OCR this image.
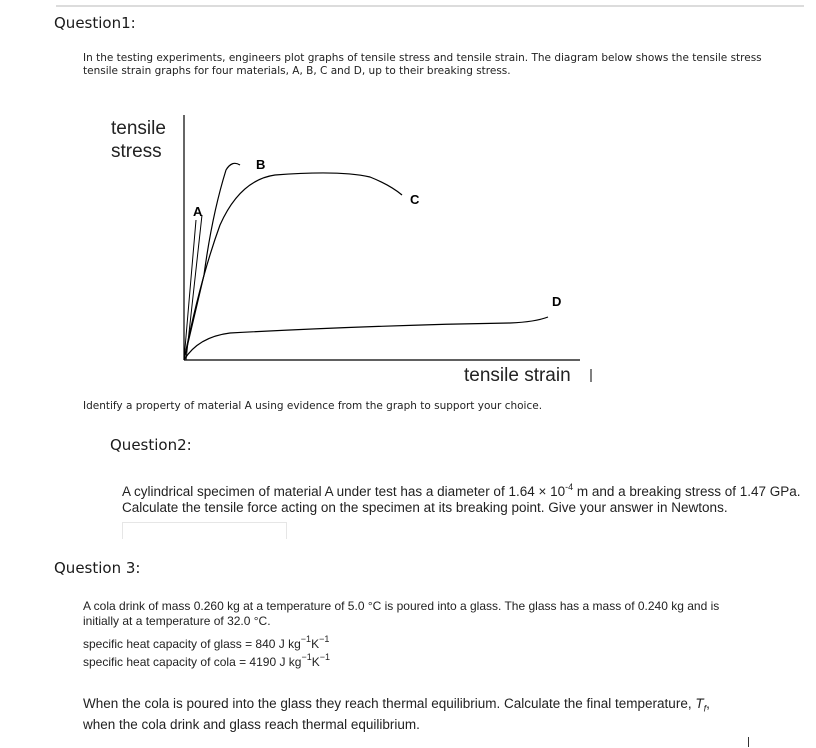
Question1:
In the testing experiments, engineers plot graphs of tensile stress and tensile strain. The diagram below shows the tensile stress tensile strain graphs for four materials, A, B, C and D, up to their breaking stress.
tensile
stress
A
B
C
D
tensile strain
Identify a property of material A using evidence from the graph to support your choice.
Question2:
A cylindrical specimen of material A under test has a diameter of $1.64 \times 10^{-4}$ m and a breaking stress of 1.47 GPa. Calculate the tensile force acting on the specimen at its breaking point. Give your answer in Newtons.
Question 3:
A cola drink of mass 0.260 kg at a temperature of 5.0 °C is poured into a glass. The glass has a mass of 0.240 kg and is initially at a temperature of 32.0 °C.
specific heat capacity of glass = 840 J $kg^{-1}K^{-1}$
specific heat capacity of cola = 4190 J $kg^{-1}K^{-1}$
When the cola is poured into the glass they reach thermal equilibrium. Calculate the final temperature, $T_f$, when the cola drink and glass reach thermal equilibrium.
